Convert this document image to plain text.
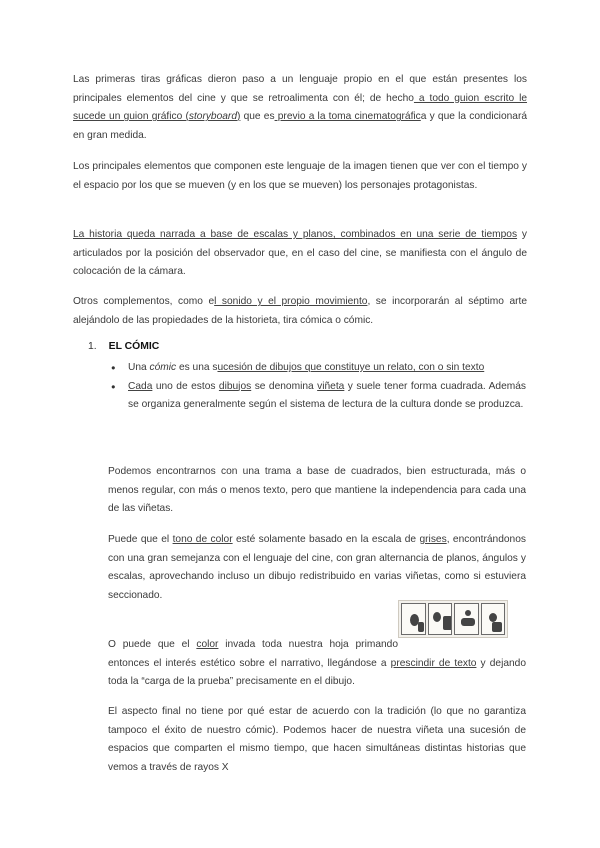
Las primeras tiras gráficas dieron paso a un lenguaje propio en el que están presentes los principales elementos del cine y que se retroalimenta con él; de hecho a todo guion escrito le sucede un guion gráfico (storyboard) que es previo a la toma cinematográfica y que la condicionará en gran medida.

Los principales elementos que componen este lenguaje de la imagen tienen que ver con el tiempo y el espacio por los que se mueven (y en los que se mueven) los personajes protagonistas.

La historia queda narrada a base de escalas y planos, combinados en una serie de tiempos y articulados por la posición del observador que, en el caso del cine, se manifiesta con el ángulo de colocación de la cámara.

Otros complementos, como el sonido y el propio movimiento, se incorporarán al séptimo arte alejándolo de las propiedades de la historieta, tira cómica o cómic.

1. EL CÓMIC
● Una cómic es una sucesión de dibujos que constituye un relato, con o sin texto
● Cada uno de estos dibujos se denomina viñeta y suele tener forma cuadrada. Además se organiza generalmente según el sistema de lectura de la cultura donde se produzca.

Podemos encontrarnos con una trama a base de cuadrados, bien estructurada, más o menos regular, con más o menos texto, pero que mantiene la independencia para cada una de las viñetas.

Puede que el tono de color esté solamente basado en la escala de grises, encontrándonos con una gran semejanza con el lenguaje del cine, con gran alternancia de planos, ángulos y escalas, aprovechando incluso un dibujo redistribuido en varias viñetas, como si estuviera seccionado.

O puede que el color invada toda nuestra hoja primando entonces el interés estético sobre el narrativo, llegándose a prescindir de texto y dejando toda la “carga de la prueba” precisamente en el dibujo.

El aspecto final no tiene por qué estar de acuerdo con la tradición (lo que no garantiza tampoco el éxito de nuestro cómic). Podemos hacer de nuestra viñeta una sucesión de espacios que comparten el mismo tiempo, que hacen simultáneas distintas historias que vemos a través de rayos X
